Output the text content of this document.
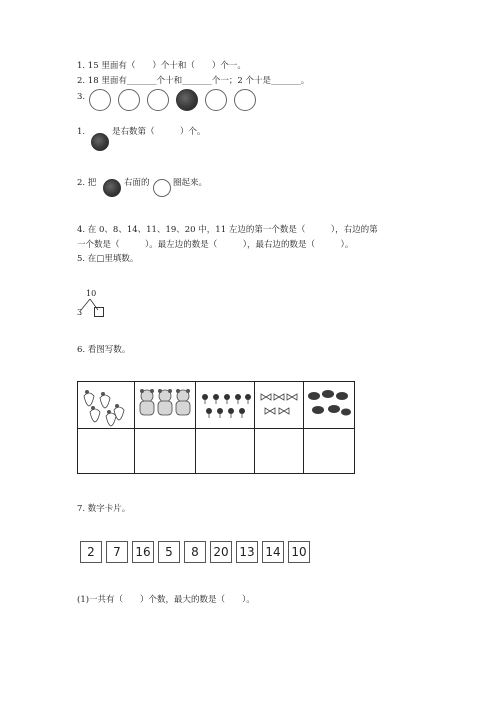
1. 15 里面有（　　）个十和（　　）个一。
2. 18 里面有_______个十和_______个一；2 个十是_______。
3.
1.	是右数第（　　　）个。
2. 把	右面的	圈起来。
4. 在 0、8、14、11、19、20 中，11 左边的第一个数是（　　　），右边的第
一个数是（　　　）。最左边的数是（　　　），最右边的数是（　　　）。
5. 在□里填数。
10
3
6. 看图写数。

7. 数字卡片。
2	7	16	5	8	20 13 14 10
(1)一共有（　　）个数，最大的数是（　　）。
